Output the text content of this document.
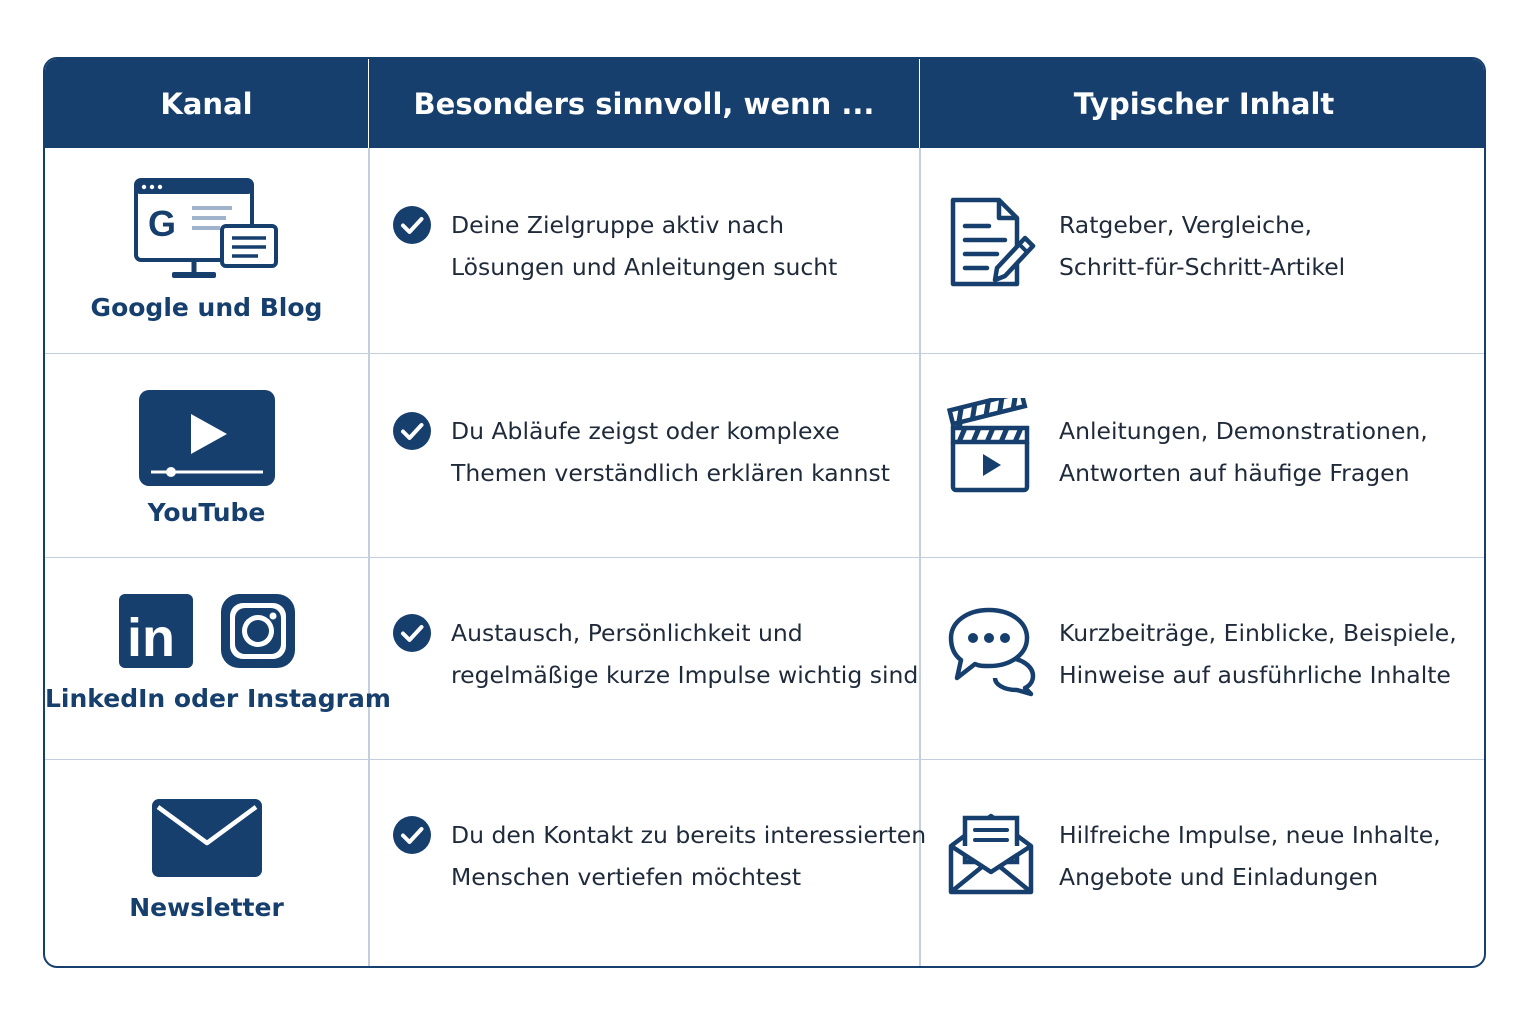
Kanal	Besonders sinnvoll, wenn ...	Typischer Inhalt
G
Google und Blog
Deine Zielgruppe aktiv nach
Lösungen und Anleitungen sucht
Ratgeber, Vergleiche,
Schritt-für-Schritt-Artikel
YouTube
Du Abläufe zeigst oder komplexe
Themen verständlich erklären kannst
Anleitungen, Demonstrationen,
Antworten auf häufige Fragen
in
LinkedIn oder Instagram
Austausch, Persönlichkeit und
regelmäßige kurze Impulse wichtig sind
Kurzbeiträge, Einblicke, Beispiele,
Hinweise auf ausführliche Inhalte
Newsletter
Du den Kontakt zu bereits interessierten
Menschen vertiefen möchtest
Hilfreiche Impulse, neue Inhalte,
Angebote und Einladungen
